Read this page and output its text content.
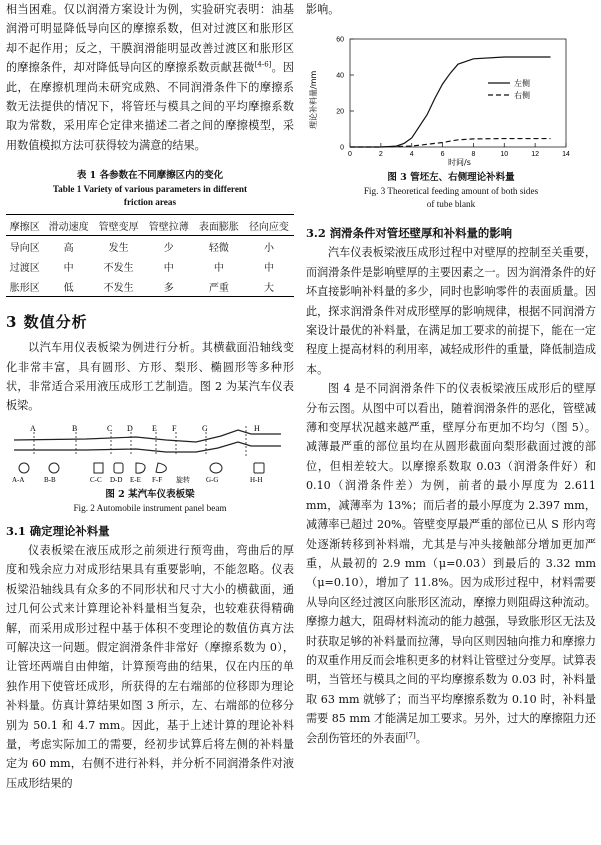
相当困难。仅以润滑方案设计为例，实验研究表明：油基润滑可明显降低导向区的摩擦系数，但对过渡区和胀形区却不起作用；反之，干膜润滑能明显改善过渡区和胀形区的摩擦条件，却对降低导向区的摩擦系数贡献甚微[4-6]。因此，在摩擦机理尚未研究成熟、不同润滑条件下的摩擦系数无法提供的情况下，将管坯与模具之间的平均摩擦系数取为常数，采用库仑定律来描述二者之间的摩擦模型，采用数值模拟方法可获得较为满意的结果。

表 1 各参数在不同摩擦区内的变化
Table 1 Variety of various parameters in different
friction areas
摩擦区	滑动速度	管壁变厚	管壁拉薄	表面膨胀	径向应变
导向区	高	发生	少	轻微	小
过渡区	中	不发生	中	中	中
胀形区	低	不发生	多	严重	大
3 数值分析

以汽车用仪表板梁为例进行分析。其横截面沿轴线变化非常丰富，具有圆形、方形、梨形、椭圆形等多种形状，非常适合采用液压成形工艺制造。图 2 为某汽车仪表板梁。

A	B	C D E F	G	H
A-A	B-B	C-C D-D E-E F-F 旋转 G-G	H-H
图 2 某汽车仪表板梁
Fig. 2 Automobile instrument panel beam
3.1 确定理论补料量

仪表板梁在液压成形之前须进行预弯曲，弯曲后的厚度和残余应力对成形结果具有重要影响，不能忽略。仪表板梁沿轴线具有众多的不同形状和尺寸大小的横截面，通过几何公式来计算理论补料量相当复杂，也较难获得精确解，而采用成形过程中基于体积不变理论的数值仿真方法可解决这一问题。假定润滑条件非常好（摩擦系数为 0），让管坯两端自由伸缩，计算预弯曲的结果，仅在内压的单独作用下使管坯成形，所获得的左右端部的位移即为理论补料量。仿真计算结果如图 3 所示，左、右端部的位移分别为 50.1 和 4.7 mm。因此，基于上述计算的理论补料量，考虑实际加工的需要，经初步试算后将左侧的补料量定为 60 mm，右侧不进行补料，并分析不同润滑条件对液压成形结果的

影响。

理论补料量/mm
0
20
40
60
0	2	4	6	8	10	12	14
左侧
右侧
时间/s
图 3 管坯左、右侧理论补料量
Fig. 3 Theoretical feeding amount of both sides
of tube blank
3.2 润滑条件对管坯壁厚和补料量的影响

汽车仪表板梁液压成形过程中对壁厚的控制至关重要，而润滑条件是影响壁厚的主要因素之一。因为润滑条件的好坏直接影响补料量的多少，同时也影响零件的表面质量。因此，探求润滑条件对成形壁厚的影响规律，根据不同润滑方案设计最优的补料量，在满足加工要求的前提下，能在一定程度上提高材料的利用率，减轻成形件的重量，降低制造成本。

图 4 是不同润滑条件下的仪表板梁液压成形后的壁厚分布云图。从图中可以看出，随着润滑条件的恶化，管壁减薄和变厚状况越来越严重，壁厚分布更加不均匀（图 5）。减薄最严重的部位虽均在从圆形截面向梨形截面过渡的部位，但相差较大。以摩擦系数取 0.03（润滑条件好）和 0.10（润滑条件差）为例，前者的最小厚度为 2.611 mm，减薄率为 13%；而后者的最小厚度为 2.397 mm，减薄率已超过 20%。管壁变厚最严重的部位已从 S 形内弯处逐渐转移到补料端，尤其是与冲头接触部分增加更加严重，从最初的 2.9 mm（μ=0.03）到最后的 3.32 mm（μ=0.10），增加了 11.8%。因为成形过程中，材料需要从导向区经过渡区向胀形区流动，摩擦力则阻碍这种流动。摩擦力越大，阻碍材料流动的能力越强，导致胀形区无法及时获取足够的补料量而拉薄，导向区则因轴向推力和摩擦力的双重作用反而会堆积更多的材料让管壁过分变厚。试算表明，当管坯与模具之间的平均摩擦系数为 0.03 时，补料量取 63 mm 就够了；而当平均摩擦系数为 0.10 时，补料量需要 85 mm 才能满足加工要求。另外，过大的摩擦阻力还会刮伤管坯的外表面[7]。
